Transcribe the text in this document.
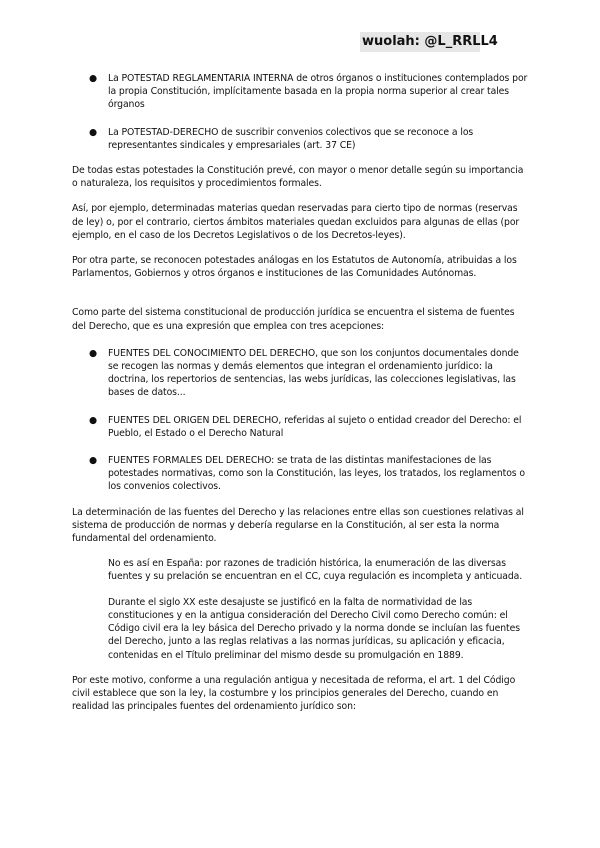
wuolah: @L_RRLL4

● La POTESTAD REGLAMENTARIA INTERNA de otros órganos o instituciones contemplados por la propia Constitución, implícitamente basada en la propia norma superior al crear tales órganos

● La POTESTAD-DERECHO de suscribir convenios colectivos que se reconoce a los representantes sindicales y empresariales (art. 37 CE)

De todas estas potestades la Constitución prevé, con mayor o menor detalle según su importancia o naturaleza, los requisitos y procedimientos formales.

Así, por ejemplo, determinadas materias quedan reservadas para cierto tipo de normas (reservas de ley) o, por el contrario, ciertos ámbitos materiales quedan excluidos para algunas de ellas (por ejemplo, en el caso de los Decretos Legislativos o de los Decretos-leyes).

Por otra parte, se reconocen potestades análogas en los Estatutos de Autonomía, atribuidas a los Parlamentos, Gobiernos y otros órganos e instituciones de las Comunidades Autónomas.

Como parte del sistema constitucional de producción jurídica se encuentra el sistema de fuentes del Derecho, que es una expresión que emplea con tres acepciones:

● FUENTES DEL CONOCIMIENTO DEL DERECHO, que son los conjuntos documentales donde se recogen las normas y demás elementos que integran el ordenamiento jurídico: la doctrina, los repertorios de sentencias, las webs jurídicas, las colecciones legislativas, las bases de datos...

● FUENTES DEL ORIGEN DEL DERECHO, referidas al sujeto o entidad creador del Derecho: el Pueblo, el Estado o el Derecho Natural

● FUENTES FORMALES DEL DERECHO: se trata de las distintas manifestaciones de las potestades normativas, como son la Constitución, las leyes, los tratados, los reglamentos o los convenios colectivos.

La determinación de las fuentes del Derecho y las relaciones entre ellas son cuestiones relativas al sistema de producción de normas y debería regularse en la Constitución, al ser esta la norma fundamental del ordenamiento.

No es así en España: por razones de tradición histórica, la enumeración de las diversas fuentes y su prelación se encuentran en el CC, cuya regulación es incompleta y anticuada.

Durante el siglo XX este desajuste se justificó en la falta de normatividad de las constituciones y en la antigua consideración del Derecho Civil como Derecho común: el Código civil era la ley básica del Derecho privado y la norma donde se incluían las fuentes del Derecho, junto a las reglas relativas a las normas jurídicas, su aplicación y eficacia, contenidas en el Título preliminar del mismo desde su promulgación en 1889.

Por este motivo, conforme a una regulación antigua y necesitada de reforma, el art. 1 del Código civil establece que son la ley, la costumbre y los principios generales del Derecho, cuando en realidad las principales fuentes del ordenamiento jurídico son:
